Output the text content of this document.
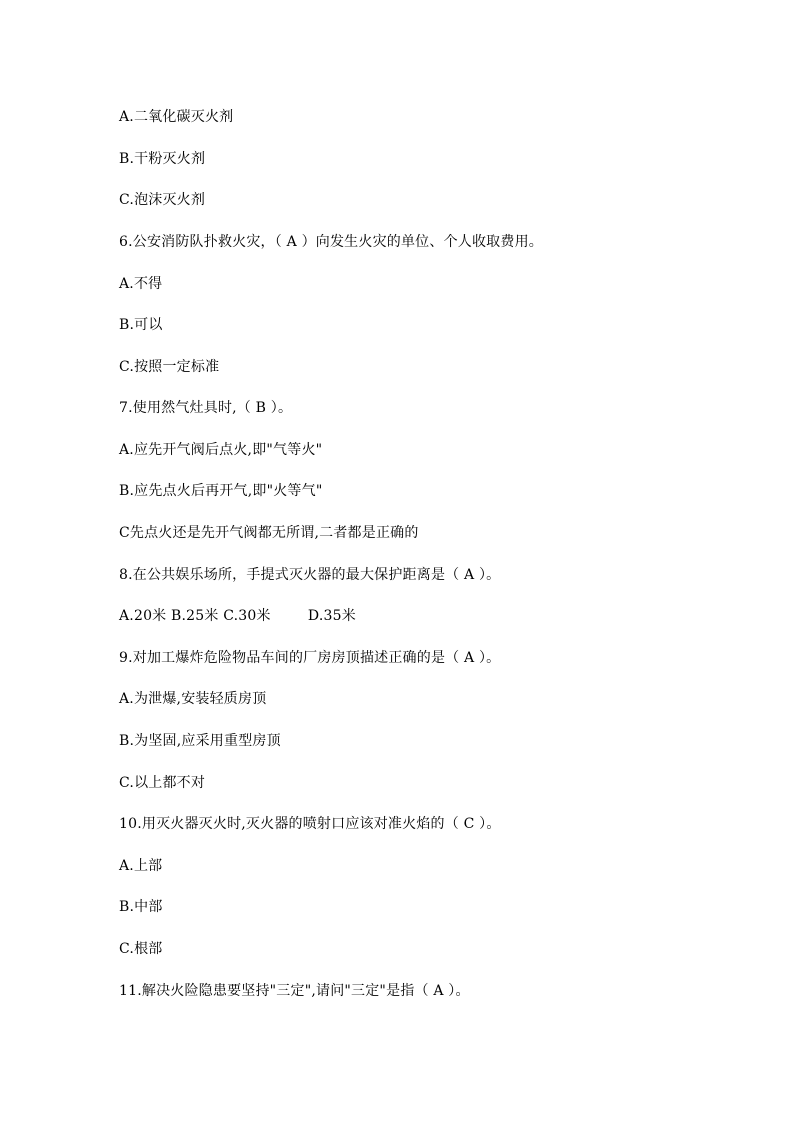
A.二氧化碳灭火剂
B.干粉灭火剂
C.泡沫灭火剂
6.公安消防队扑救火灾，（ A ）向发生火灾的单位、个人收取费用。
A.不得
B.可以
C.按照一定标准
7.使用然气灶具时,（ B ）。
A.应先开气阀后点火,即"气等火"
B.应先点火后再开气,即"火等气"
C先点火还是先开气阀都无所谓,二者都是正确的
8.在公共娱乐场所，手提式灭火器的最大保护距离是（ A ）。
A.20米 B.25米 C.30米        D.35米
9.对加工爆炸危险物品车间的厂房房顶描述正确的是（ A ）。
A.为泄爆,安装轻质房顶
B.为坚固,应采用重型房顶
C.以上都不对
10.用灭火器灭火时,灭火器的喷射口应该对准火焰的（ C ）。
A.上部
B.中部
C.根部
11.解决火险隐患要坚持"三定",请问"三定"是指（ A ）。
